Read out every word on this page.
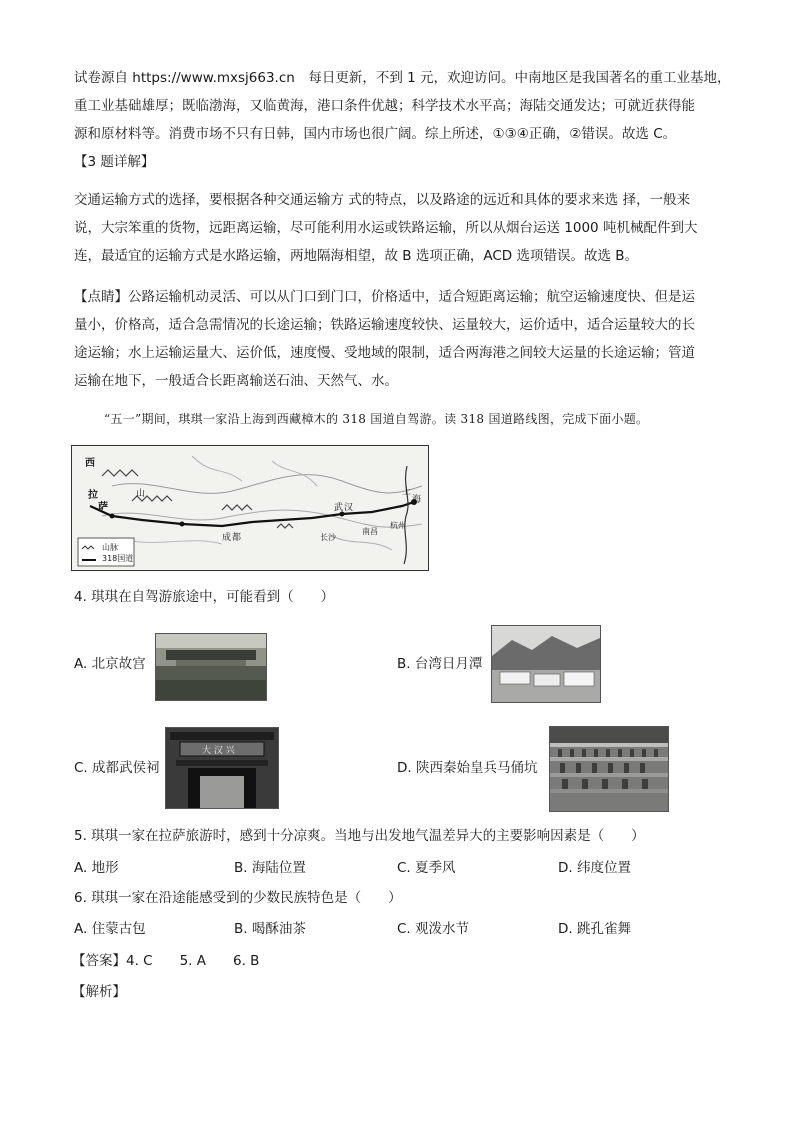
试卷源自 https://www.mxsj663.cn　每日更新，不到 1 元，欢迎访问。中南地区是我国著名的重工业基地，
重工业基础雄厚；既临渤海，又临黄海，港口条件优越；科学技术水平高；海陆交通发达；可就近获得能
源和原材料等。消费市场不只有日韩，国内市场也很广阔。综上所述，①③④正确，②错误。故选 C。
【3 题详解】
交通运输方式的选择，要根据各种交通运输方 式的特点，以及路途的远近和具体的要求来选 择，一般来
说，大宗笨重的货物，远距离运输，尽可能利用水运或铁路运输，所以从烟台运送 1000 吨机械配件到大
连，最适宜的运输方式是水路运输，两地隔海相望，故 B 选项正确，ACD 选项错误。故选 B。
【点睛】公路运输机动灵活、可以从门口到门口，价格适中，适合短距离运输；航空运输速度快、但是运
量小，价格高，适合急需情况的长途运输；铁路运输速度较快、运量较大，运价适中，适合运量较大的长
途运输；水上运输运量大、运价低，速度慢、受地域的限制，适合两海港之间较大运量的长途运输；管道
运输在地下，一般适合长距离输送石油、天然气、水。
“五一”期间，琪琪一家沿上海到西藏樟木的 318 国道自驾游。读 318 国道路线图，完成下面小题。
山脉
318国道
西
拉
萨
山	上
海
武 汉
杭州
长沙
南 昌
成 都
4. 琪琪在自驾游旅途中，可能看到（　　）
A. 北京故宫	B. 台湾日月潭
C. 成都武侯祠
大 汉 兴
D. 陕西秦始皇兵马俑坑
5. 琪琪一家在拉萨旅游时，感到十分凉爽。当地与出发地气温差异大的主要影响因素是（　　）
A. 地形	B. 海陆位置	C. 夏季风	D. 纬度位置
6. 琪琪一家在沿途能感受到的少数民族特色是（　　）
A. 住蒙古包	B. 喝酥油茶	C. 观泼水节	D. 跳孔雀舞
【答案】4. C　　5. A　　6. B
【解析】
